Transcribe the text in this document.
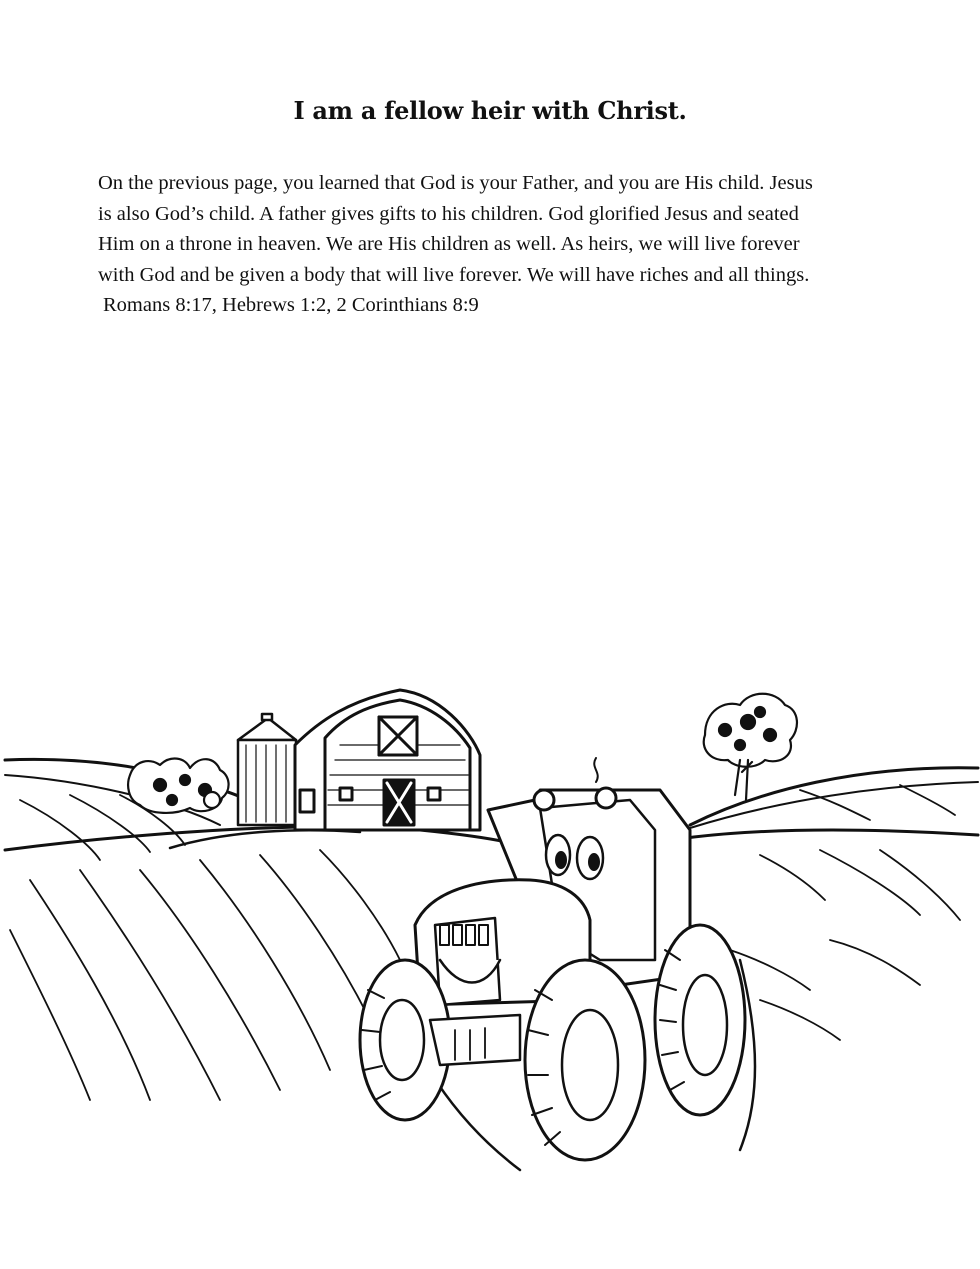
I am a fellow heir with Christ.
On the previous page, you learned that God is your Father, and you are His child. Jesus
is also God’s child. A father gives gifts to his children. God glorified Jesus and seated
Him on a throne in heaven. We are His children as well. As heirs, we will live forever
with God and be given a body that will live forever. We will have riches and all things.
Romans 8:17, Hebrews 1:2, 2 Corinthians 8:9
